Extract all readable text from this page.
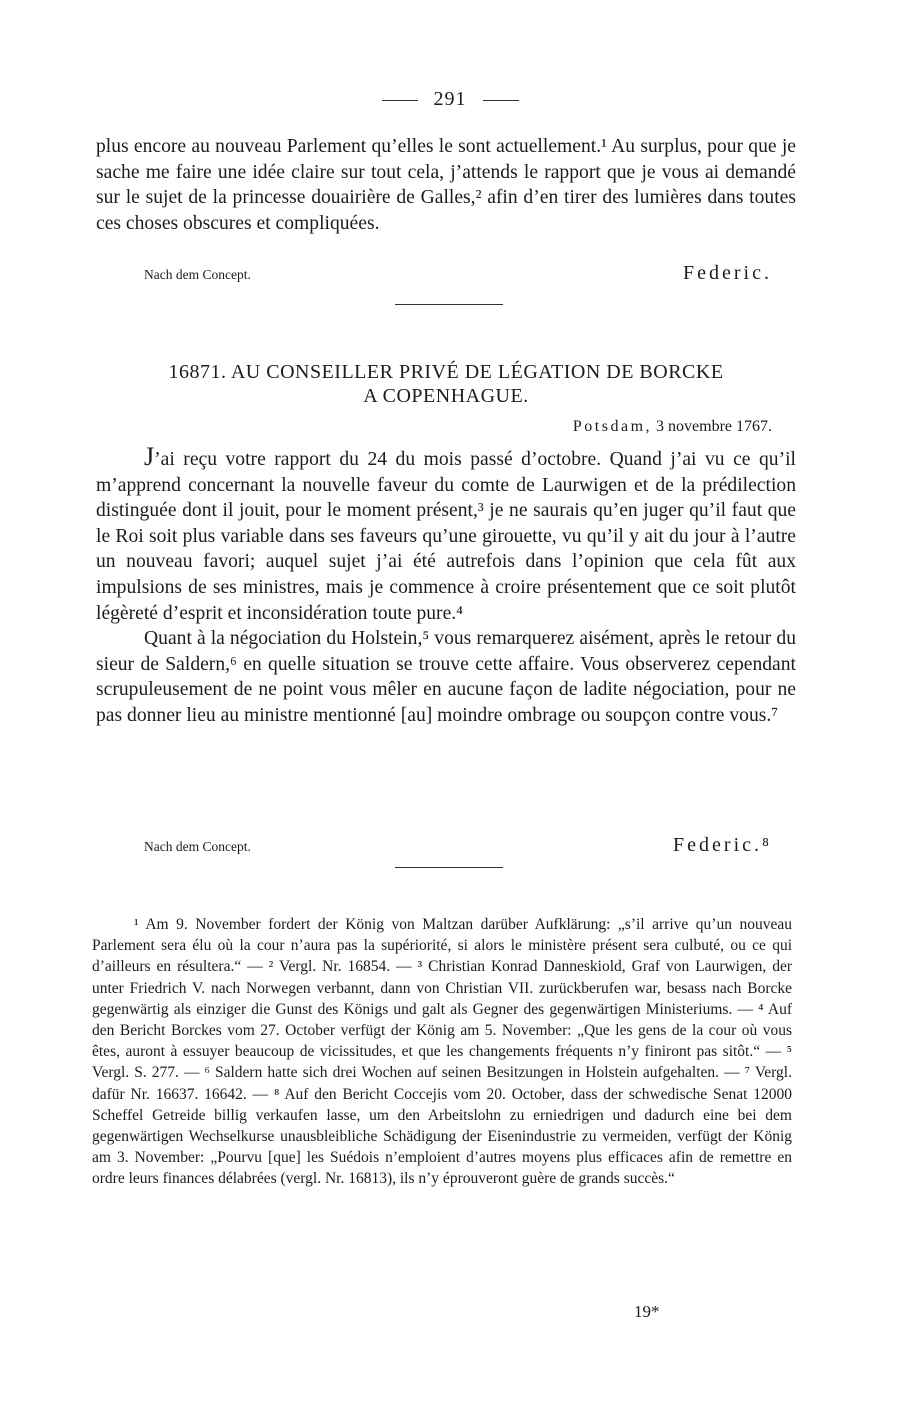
291

plus encore au nouveau Parlement qu’elles le sont actuellement.¹ Au surplus, pour que je sache me faire une idée claire sur tout cela, j’attends le rapport que je vous ai demandé sur le sujet de la princesse douairière de Galles,² afin d’en tirer des lumières dans toutes ces choses obscures et compliquées.

Nach dem Concept.	Federic.
16871. AU CONSEILLER PRIVÉ DE LÉGATION DE BORCKE
A COPENHAGUE.
Potsdam, 3 novembre 1767.

J’ai reçu votre rapport du 24 du mois passé d’octobre. Quand j’ai vu ce qu’il m’apprend concernant la nouvelle faveur du comte de Laurwigen et de la prédilection distinguée dont il jouit, pour le moment présent,³ je ne saurais qu’en juger qu’il faut que le Roi soit plus variable dans ses faveurs qu’une girouette, vu qu’il y ait du jour à l’autre un nouveau favori; auquel sujet j’ai été autrefois dans l’opinion que cela fût aux impulsions de ses ministres, mais je commence à croire présentement que ce soit plutôt légèreté d’esprit et inconsidération toute pure.⁴

Quant à la négociation du Holstein,⁵ vous remarquerez aisément, après le retour du sieur de Saldern,⁶ en quelle situation se trouve cette affaire. Vous observerez cependant scrupuleusement de ne point vous mêler en aucune façon de ladite négociation, pour ne pas donner lieu au ministre mentionné [au] moindre ombrage ou soupçon contre vous.⁷

Nach dem Concept.	Federic.⁸

¹ Am 9. November fordert der König von Maltzan darüber Aufklärung: „s’il arrive qu’un nouveau Parlement sera élu où la cour n’aura pas la supériorité, si alors le ministère présent sera culbuté, ou ce qui d’ailleurs en résultera.“ — ² Vergl. Nr. 16854. — ³ Christian Konrad Danneskiold, Graf von Laurwigen, der unter Friedrich V. nach Norwegen verbannt, dann von Christian VII. zurückberufen war, besass nach Borcke gegenwärtig als einziger die Gunst des Königs und galt als Gegner des gegenwärtigen Ministeriums. — ⁴ Auf den Bericht Borckes vom 27. October verfügt der König am 5. November: „Que les gens de la cour où vous êtes, auront à essuyer beaucoup de vicissitudes, et que les changements fréquents n’y finiront pas sitôt.“ — ⁵ Vergl. S. 277. — ⁶ Saldern hatte sich drei Wochen auf seinen Besitzungen in Holstein aufgehalten. — ⁷ Vergl. dafür Nr. 16637. 16642. — ⁸ Auf den Bericht Coccejis vom 20. October, dass der schwedische Senat 12000 Scheffel Getreide billig verkaufen lasse, um den Arbeitslohn zu erniedrigen und dadurch eine bei dem gegenwärtigen Wechselkurse unausbleibliche Schädigung der Eisenindustrie zu vermeiden, verfügt der König am 3. November: „Pourvu [que] les Suédois n’emploient d’autres moyens plus efficaces afin de remettre en ordre leurs finances délabrées (vergl. Nr. 16813), ils n’y éprouveront guère de grands succès.“

19*
